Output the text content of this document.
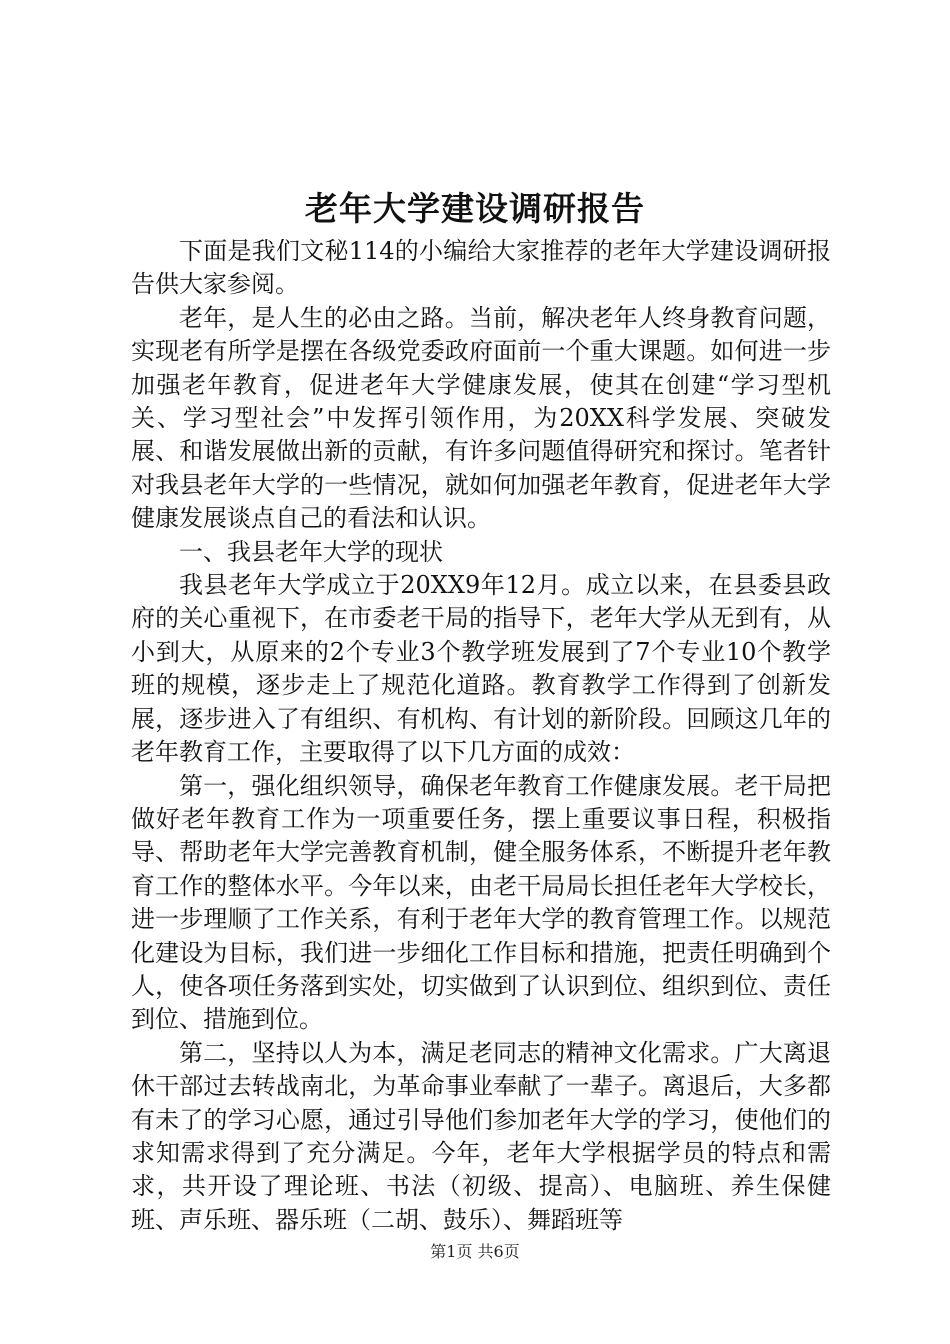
老年大学建设调研报告

下面是我们文秘114的小编给大家推荐的老年大学建设调研报告供大家参阅。

老年，是人生的必由之路。当前，解决老年人终身教育问题，实现老有所学是摆在各级党委政府面前一个重大课题。如何进一步加强老年教育，促进老年大学健康发展，使其在创建“学习型机关、学习型社会”中发挥引领作用，为20XX科学发展、突破发展、和谐发展做出新的贡献，有许多问题值得研究和探讨。笔者针对我县老年大学的一些情况，就如何加强老年教育，促进老年大学健康发展谈点自己的看法和认识。

一、我县老年大学的现状

我县老年大学成立于20XX9年12月。成立以来，在县委县政府的关心重视下，在市委老干局的指导下，老年大学从无到有，从小到大，从原来的2个专业3个教学班发展到了7个专业10个教学班的规模，逐步走上了规范化道路。教育教学工作得到了创新发展，逐步进入了有组织、有机构、有计划的新阶段。回顾这几年的老年教育工作，主要取得了以下几方面的成效：

第一，强化组织领导，确保老年教育工作健康发展。老干局把做好老年教育工作为一项重要任务，摆上重要议事日程，积极指导、帮助老年大学完善教育机制，健全服务体系，不断提升老年教育工作的整体水平。今年以来，由老干局局长担任老年大学校长，进一步理顺了工作关系，有利于老年大学的教育管理工作。以规范化建设为目标，我们进一步细化工作目标和措施，把责任明确到个人，使各项任务落到实处，切实做到了认识到位、组织到位、责任到位、措施到位。

第二，坚持以人为本，满足老同志的精神文化需求。广大离退休干部过去转战南北，为革命事业奉献了一辈子。离退后，大多都有未了的学习心愿，通过引导他们参加老年大学的学习，使他们的求知需求得到了充分满足。今年，老年大学根据学员的特点和需求，共开设了理论班、书法（初级、提高）、电脑班、养生保健班、声乐班、器乐班（二胡、鼓乐）、舞蹈班等

第1页 共6页
